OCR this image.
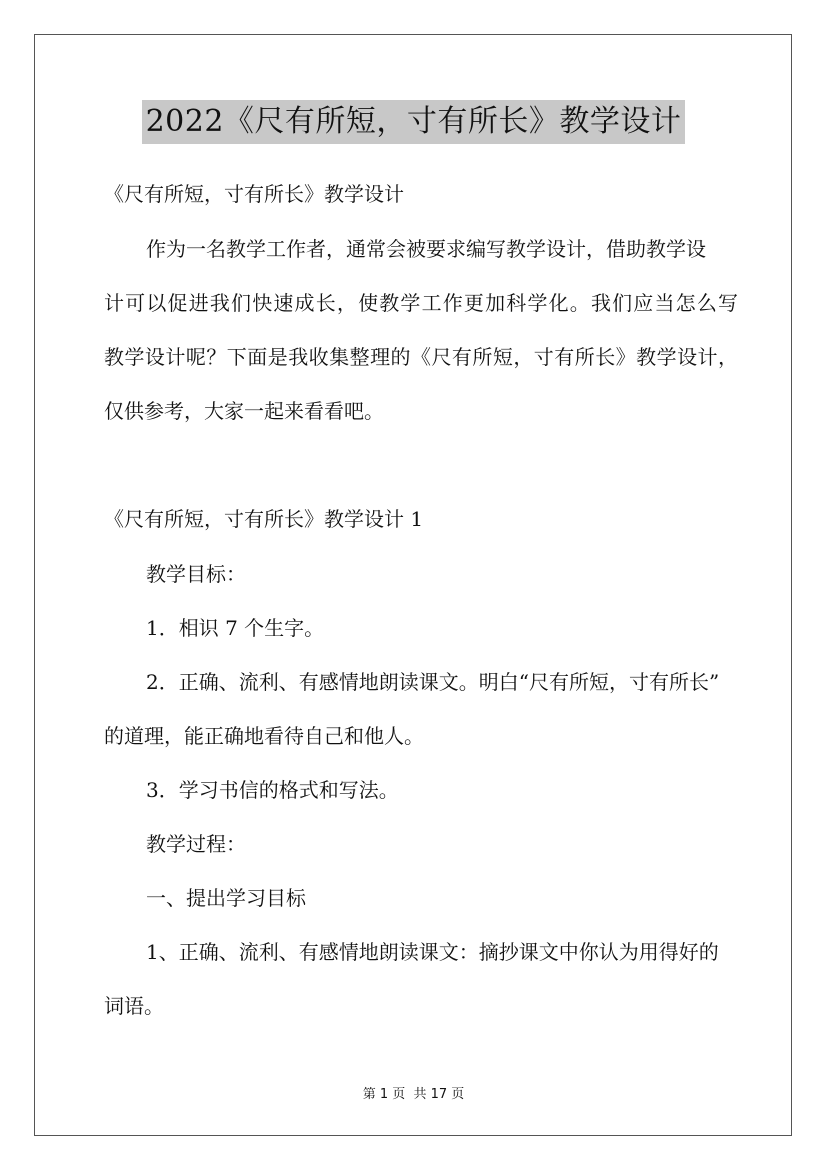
2022《尺有所短，寸有所长》教学设计
《尺有所短，寸有所长》教学设计
作为一名教学工作者，通常会被要求编写教学设计，借助教学设
计可以促进我们快速成长，使教学工作更加科学化。我们应当怎么写
教学设计呢？下面是我收集整理的《尺有所短，寸有所长》教学设计，
仅供参考，大家一起来看看吧。
《尺有所短，寸有所长》教学设计 1
教学目标：
1．相识 7 个生字。
2．正确、流利、有感情地朗读课文。明白“尺有所短，寸有所长”
的道理，能正确地看待自己和他人。
3．学习书信的格式和写法。
教学过程：
一、提出学习目标
1、正确、流利、有感情地朗读课文：摘抄课文中你认为用得好的
词语。
第 1 页 共 17 页
